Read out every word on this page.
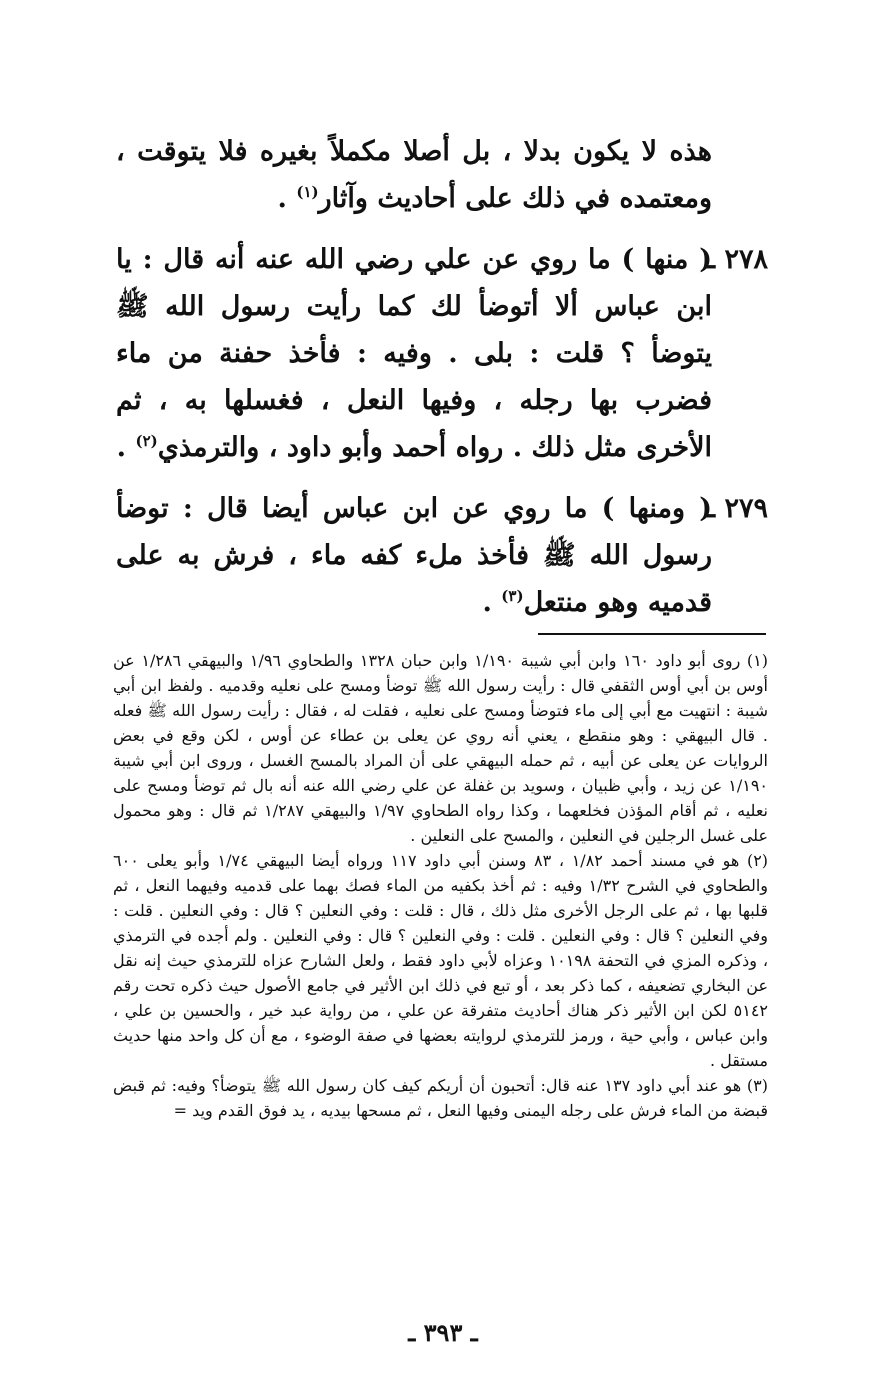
هذه لا يكون بدلا ، بل أصلا مكملاً بغيره فلا يتوقت ، ومعتمده في ذلك على أحاديث وآثار$^{(١)}$ .

٢٧٨ ـ
( منها ) ما روي عن علي رضي الله عنه أنه قال : يا ابن عباس ألا أتوضأ لك كما رأيت رسول الله ﷺ يتوضأ ؟ قلت : بلى . وفيه : فأخذ حفنة من ماء فضرب بها رجله ، وفيها النعل ، فغسلها به ، ثم الأخرى مثل ذلك . رواه أحمد وأبو داود ، والترمذي$^{(٢)}$ .

٢٧٩ ـ
( ومنها ) ما روي عن ابن عباس أيضا قال : توضأ رسول الله ﷺ فأخذ ملء كفه ماء ، فرش به على قدميه وهو منتعل$^{(٣)}$ .

(١) روى أبو داود ١٦٠ وابن أبي شيبة ١/١٩٠ وابن حبان ١٣٢٨ والطحاوي ١/٩٦ والبيهقي ١/٢٨٦ عن أوس بن أبي أوس الثقفي قال : رأيت رسول الله ﷺ توضأ ومسح على نعليه وقدميه . ولفظ ابن أبي شيبة : انتهيت مع أبي إلى ماء فتوضأ ومسح على نعليه ، فقلت له ، فقال : رأيت رسول الله ﷺ فعله . قال البيهقي : وهو منقطع ، يعني أنه روي عن يعلى بن عطاء عن أوس ، لكن وقع في بعض الروايات عن يعلى عن أبيه ، ثم حمله البيهقي على أن المراد بالمسح الغسل ، وروى ابن أبي شيبة ١/١٩٠ عن زيد ، وأبي ظبيان ، وسويد بن غفلة عن علي رضي الله عنه أنه بال ثم توضأ ومسح على نعليه ، ثم أقام المؤذن فخلعهما ، وكذا رواه الطحاوي ١/٩٧ والبيهقي ١/٢٨٧ ثم قال : وهو محمول على غسل الرجلين في النعلين ، والمسح على النعلين .

(٢) هو في مسند أحمد ١/٨٢ ، ٨٣ وسنن أبي داود ١١٧ ورواه أيضا البيهقي ١/٧٤ وأبو يعلى ٦٠٠ والطحاوي في الشرح ١/٣٢ وفيه : ثم أخذ بكفيه من الماء فصك بهما على قدميه وفيهما النعل ، ثم قلبها بها ، ثم على الرجل الأخرى مثل ذلك ، قال : قلت : وفي النعلين ؟ قال : وفي النعلين . قلت : وفي النعلين ؟ قال : وفي النعلين . قلت : وفي النعلين ؟ قال : وفي النعلين . ولم أجده في الترمذي ، وذكره المزي في التحفة ١٠١٩٨ وعزاه لأبي داود فقط ، ولعل الشارح عزاه للترمذي حيث إنه نقل عن البخاري تضعيفه ، كما ذكر بعد ، أو تبع في ذلك ابن الأثير في جامع الأصول حيث ذكره تحت رقم ٥١٤٢ لكن ابن الأثير ذكر هناك أحاديث متفرقة عن علي ، من رواية عبد خير ، والحسين بن علي ، وابن عباس ، وأبي حية ، ورمز للترمذي لروايته بعضها في صفة الوضوء ، مع أن كل واحد منها حديث مستقل .

(٣) هو عند أبي داود ١٣٧ عنه قال: أتحبون أن أريكم كيف كان رسول الله ﷺ يتوضأ؟ وفيه: ثم قبض قبضة من الماء فرش على رجله اليمنى وفيها النعل ، ثم مسحها بيديه ، يد فوق القدم ويد =

ـ ٣٩٣ ـ
